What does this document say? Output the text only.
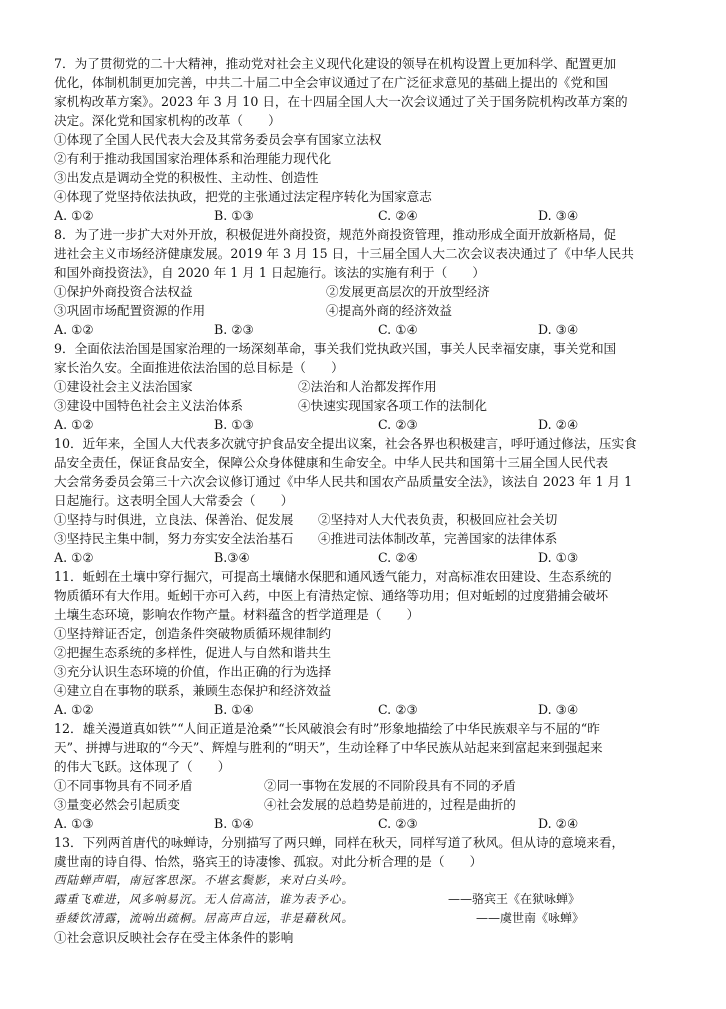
7．为了贯彻党的二十大精神，推动党对社会主义现代化建设的领导在机构设置上更加科学、配置更加
优化，体制机制更加完善，中共二十届二中全会审议通过了在广泛征求意见的基础上提出的《党和国
家机构改革方案》。2023 年 3 月 10 日，在十四届全国人大一次会议通过了关于国务院机构改革方案的
决定。深化党和国家机构的改革（　　）
①体现了全国人民代表大会及其常务委员会享有国家立法权
②有利于推动我国国家治理体系和治理能力现代化
③出发点是调动全党的积极性、主动性、创造性
④体现了党坚持依法执政，把党的主张通过法定程序转化为国家意志
A. ①②	B. ①③	C. ②④	D. ③④
8．为了进一步扩大对外开放，积极促进外商投资，规范外商投资管理，推动形成全面开放新格局，促
进社会主义市场经济健康发展。2019 年 3 月 15 日，十三届全国人大二次会议表决通过了《中华人民共
和国外商投资法》，自 2020 年 1 月 1 日起施行。该法的实施有利于（　　）
①保护外商投资合法权益	②发展更高层次的开放型经济
③巩固市场配置资源的作用	④提高外商的经济效益
A. ①②	B. ②③	C. ①④	D. ③④
9．全面依法治国是国家治理的一场深刻革命，事关我们党执政兴国，事关人民幸福安康，事关党和国
家长治久安。全面推进依法治国的总目标是（　　）
①建设社会主义法治国家	②法治和人治都发挥作用
③建设中国特色社会主义法治体系	④快速实现国家各项工作的法制化
A. ①②	B. ①③	C. ②③	D. ②④
10．近年来，全国人大代表多次就守护食品安全提出议案，社会各界也积极建言，呼吁通过修法，压实食
品安全责任，保证食品安全，保障公众身体健康和生命安全。中华人民共和国第十三届全国人民代表
大会常务委员会第三十六次会议修订通过《中华人民共和国农产品质量安全法》，该法自 2023 年 1 月 1
日起施行。这表明全国人大常委会（　　）
①坚持与时俱进，立良法、保善治、促发展 ②坚持对人大代表负责，积极回应社会关切
③坚持民主集中制，努力夯实安全法治基石 ④推进司法体制改革，完善国家的法律体系
A. ①②	B.③④	C. ②④	D. ①③
11．蚯蚓在土壤中穿行掘穴，可提高土壤储水保肥和通风透气能力，对高标准农田建设、生态系统的
物质循环有大作用。蚯蚓干亦可入药，中医上有清热定惊、通络等功用；但对蚯蚓的过度猎捕会破坏
土壤生态环境，影响农作物产量。材料蕴含的哲学道理是（　　）
①坚持辩证否定，创造条件突破物质循环规律制约
②把握生态系统的多样性，促进人与自然和谐共生
③充分认识生态环境的价值，作出正确的行为选择
④建立自在事物的联系，兼顾生态保护和经济效益
A. ①②	B. ①④	C. ②③	D. ③④
12．雄关漫道真如铁”“人间正道是沧桑”“长风破浪会有时”形象地描绘了中华民族艰辛与不屈的“昨
天”、拼搏与进取的“今天”、辉煌与胜利的“明天”，生动诠释了中华民族从站起来到富起来到强起来
的伟大飞跃。这体现了（　　）
①不同事物具有不同矛盾	②同一事物在发展的不同阶段具有不同的矛盾
③量变必然会引起质变	④社会发展的总趋势是前进的，过程是曲折的
A. ①③	B. ①④	C. ②③	D. ②④
13．下列两首唐代的咏蝉诗，分别描写了两只蝉，同样在秋天，同样写道了秋风。但从诗的意境来看，
虞世南的诗自得、怡然，骆宾王的诗凄惨、孤寂。对此分析合理的是（　　）
西陆蝉声唱，南冠客思深。不堪玄鬓影，来对白头吟。
露重飞难进，风多响易沉。无人信高洁，谁为表予心。	——骆宾王《在狱咏蝉》
垂緌饮清露，流响出疏桐。居高声自远，非是藉秋风。	——虞世南《咏蝉》
①社会意识反映社会存在受主体条件的影响
